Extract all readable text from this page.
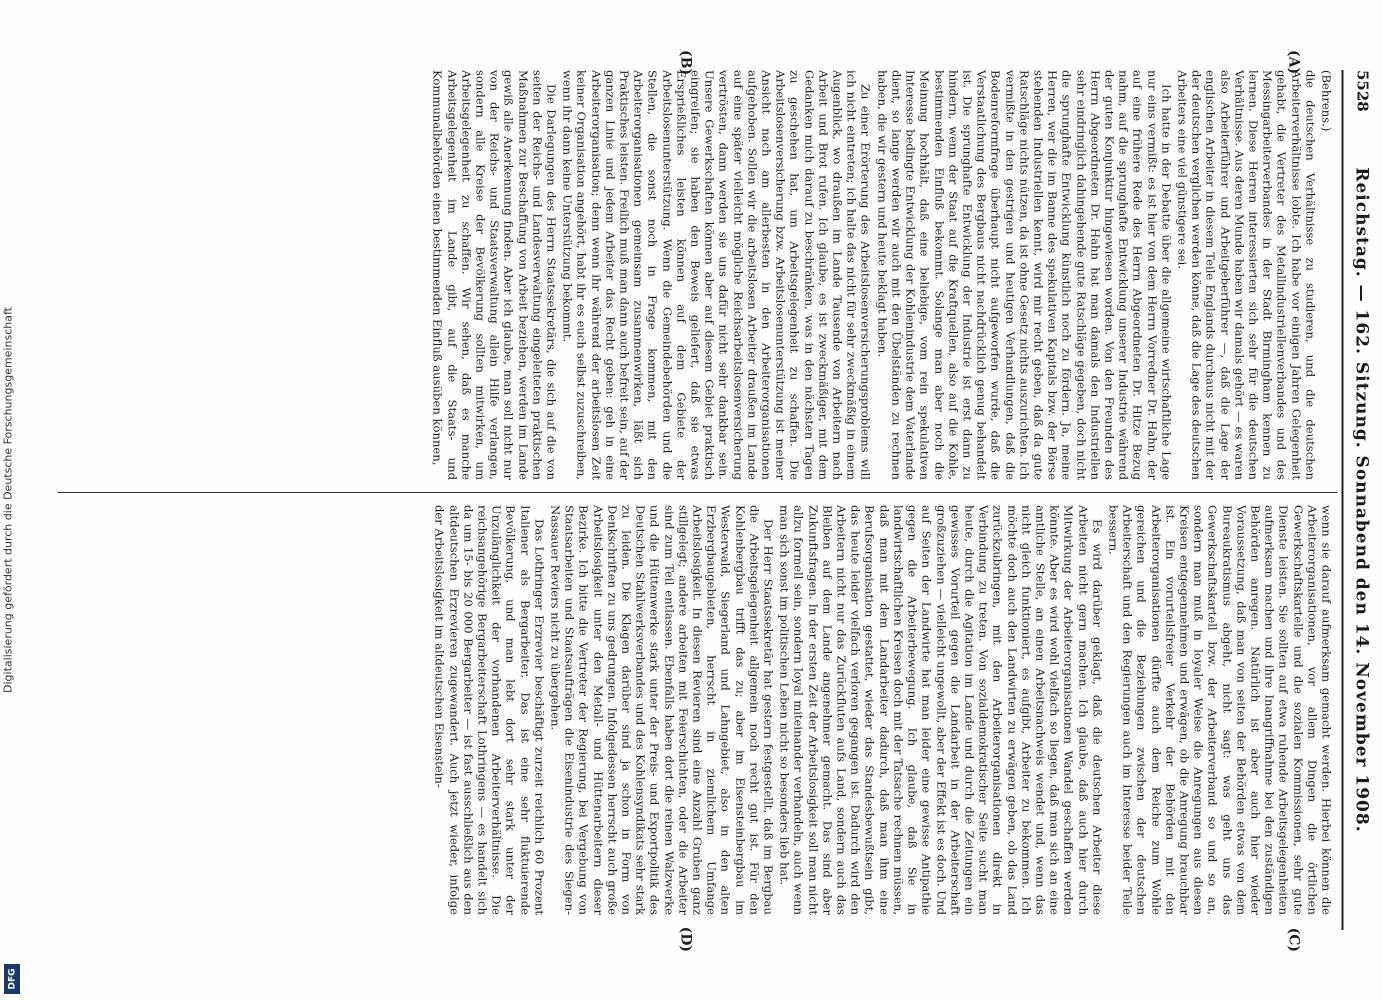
5528
Reichstag. — 162. Sitzung. Sonnabend den 14. November 1908.
(A)
(B)
(C)
(D)

(Behrens.)

die deutschen Verhältnisse zu studieren, und die deutschen Arbeiterverhältnisse lobte. Ich habe vor einigen Jahren Gelegenheit gehabt, die Vertreter des Metallindustriellenverbandes und des Messingarbeiterverbandes in der Stadt Birmingham kennen zu lernen. Diese Herren interessierten sich sehr für die deutschen Verhältnisse. Aus deren Munde haben wir damals gehört — es waren also Arbeiterführer und Arbeitgeberführer —, daß die Lage der englischen Arbeiter in diesem Teile Englands durchaus nicht mit der der deutschen verglichen werden könne, daß die Lage des deutschen Arbeiters eine viel günstigere sei.

Ich hatte in der Debatte über die allgemeine wirtschaftliche Lage nur eins vermißt: es ist hier von dem Herrn Vorredner Dr. Hahn, der auf eine frühere Rede des Herrn Abgeordneten Dr. Hitze Bezug nahm, auf die sprunghafte Entwicklung unserer Industrie während der guten Konjunktur hingewiesen worden. Von den Freunden des Herrn Abgeordneten Dr. Hahn hat man damals den Industriellen sehr eindringlich dahingehende gute Ratschläge gegeben, doch nicht die sprunghafte Entwicklung künstlich noch zu fördern. Ja, meine Herren, wer die im Banne des spekulativen Kapitals bzw. der Börse stehenden Industriellen kennt, wird mir recht geben, daß da gute Ratschläge nichts nützen, da ist ohne Gesetz nichts auszurichten. Ich vermißte in den gestrigen und heutigen Verhandlungen, daß die Bodenreformfrage überhaupt nicht aufgeworfen wurde, daß die Verstaatlichung des Bergbaus nicht nachdrücklich genug behandelt ist. Die sprunghafte Entwicklung der Industrie ist erst dann zu hindern, wenn der Staat auf die Kraftquellen, also auf die Kohle, bestimmenden Einfluß bekommt. Solange man aber noch die Meinung hochhält, daß eine beliebige, vom rein spekulativen Interesse bedingte Entwicklung der Kohlenindustrie dem Vaterlande dient, so lange werden wir auch mit den Übelständen zu rechnen haben, die wir gestern und heute beklagt haben.

Zu einer Erörterung des Arbeitslosenversicherungsproblems will ich nicht eintreten; ich halte das nicht für sehr zweckmäßig in einem Augenblick, wo draußen im Lande Tausende von Arbeitern nach Arbeit und Brot rufen. Ich glaube, es ist zweckmäßiger, mit dem Gedanken mich darauf zu beschränken, was in den nächsten Tagen zu geschehen hat, um Arbeitsgelegenheit zu schaffen. Die Arbeitslosenversicherung bzw. Arbeitslosenunterstützung ist meiner Ansicht nach am allerbesten in den Arbeiterorganisationen aufgehoben. Sollen wir die arbeitslosen Arbeiter draußen im Lande auf eine später vielleicht mögliche Reichsarbeitslosenversicherung vertrösten, dann werden sie uns dafür nicht sehr dankbar sein. Unsere Gewerkschaften können aber auf diesem Gebiet praktisch eingreifen; sie haben den Beweis geliefert, daß sie etwas Ersprießliches leisten können auf dem Gebiete der Arbeitslosenunterstützung. Wenn die Gemeindebehörden und die Stellen, die sonst noch in Frage kommen, mit den Arbeiterorganisationen gemeinsam zusammenwirken, läßt sich Praktisches leisten. Freilich muß man dann auch befreit sein, auf der ganzen Linie und jedem Arbeiter das Recht geben: geh in eine Arbeiterorganisation; denn wenn ihr während der arbeitslosen Zeit keiner Organisation angehört, habt ihr es euch selbst zuzuschreiben, wenn ihr dann keine Unterstützung bekommt.

Die Darlegungen des Herrn Staatssekretärs, die sich auf die von seiten der Reichs- und Landesverwaltung eingeleiteten praktischen Maßnahmen zur Beschaffung von Arbeit beziehen, werden im Lande gewiß alle Anerkennung finden. Aber ich glaube, man soll nicht nur von der Reichs- und Staatsverwaltung allein Hilfe verlangen, sondern alle Kreise der Bevölkerung sollten mitwirken, um Arbeitsgelegenheit zu schaffen. Wir sehen, daß es manche Arbeitsgelegenheit im Lande gibt, auf die Staats- und Kommunalbehörden einen bestimmenden Einfluß ausüben können,

wenn sie darauf aufmerksam gemacht werden. Hierbei können die Arbeiterorganisationen, vor allem Dingen die örtlichen Gewerkschaftskartelle und die sozialen Kommissionen, sehr gute Dienste leisten. Sie sollten auf etwa ruhende Arbeitsgelegenheiten aufmerksam machen und ihre Inangriffnahme bei den zuständigen Behörden anregen. Natürlich ist aber auch hier wieder Voraussetzung, daß man von seiten der Behörden etwas von dem Bureaukratismus abgeht, nicht sagt: was geht uns das Gewerkschaftskartell bzw. der Arbeiterverband so und so an, sondern man muß in loyaler Weise die Anregungen aus diesen Kreisen entgegennehmen und erwägen, ob die Anregung brauchbar ist. Ein vorurteilsfreier Verkehr der Behörden mit den Arbeiterorganisationen dürfte auch dem Reiche zum Wohle gereichen und die Beziehungen zwischen der deutschen Arbeiterschaft und den Regierungen auch im Interesse beider Teile bessern.

Es wird darüber geklagt, daß die deutschen Arbeiter diese Arbeiten nicht gern machen. Ich glaube, daß auch hier durch Mitwirkung der Arbeiterorganisationen Wandel geschaffen werden könnte. Aber es wird wohl vielfach so liegen, daß man sich an eine amtliche Stelle, an einen Arbeitsnachweis wendet und, wenn das nicht gleich funktioniert, es aufgibt, Arbeiter zu bekommen. Ich möchte doch auch den Landwirten zu erwägen geben, ob das Land zurückzubringen, mit den Arbeiterorganisationen direkt in Verbindung zu treten. Von sozialdemokratischer Seite sucht man heute, durch die Agitation im Lande und durch die Zeitungen ein gewisses Vorurteil gegen die Landarbeit in der Arbeiterschaft großzuziehen — vielleicht ungewollt, aber der Effekt ist es doch. Und auf Seiten der Landwirte hat man leider eine gewisse Antipathie gegen die Arbeiterbewegung. Ich glaube, daß Sie in landwirtschaftlichen Kreisen doch mit der Tatsache rechnen müssen, daß man mit dem Landarbeiter dadurch, daß man ihm eine Berufsorganisation gestattet, wieder das Standesbewußtsein gibt, das heute leider vielfach verloren gegangen ist. Dadurch wird den Arbeitern nicht nur das Zurückfluten aufs Land, sondern auch das Bleiben auf dem Lande angenehmer gemacht. Das sind aber Zukunftsfragen. In der ersten Zeit der Arbeitslosigkeit soll man nicht allzu formell sein, sondern loyal miteinander verhandeln, auch wenn man sich sonst im politischen Leben nicht so besonders lieb hat.

Der Herr Staatssekretär hat gestern festgestellt, daß im Bergbau die Arbeitsgelegenheit allgemein noch recht gut ist. Für den Kohlenbergbau trifft das zu; aber im Eisensteinbergbau im Westerwald, Siegerland und Lahngebiet, also in den alten Erzbergbaugebieten, herrscht in ziemlichem Umfange Arbeitslosigkeit. In diesen Revieren sind eine Anzahl Gruben ganz stillgelegt; andere arbeiten mit Feierschichten, oder die Arbeiter sind zum Teil entlassen. Ebenfalls haben dort die reinen Walzwerke und die Hüttenwerke stark unter der Preis- und Exportpolitik des Deutschen Stahlwerksverbandes und des Kohlensyndikats sehr stark zu leiden. Die Klagen darüber sind ja schon in Form von Denkschriften zu uns gedrungen. Infolgedessen herrscht auch große Arbeitslosigkeit unter den Metall- und Hüttenarbeitern dieser Bezirke. Ich bitte die Vertreter der Regierung, bei Vergebung von Staatsarbeiten und Staatsaufträgen die Eisenindustrie des Siegen-Nassauer Reviers nicht zu übergehen.

Das Lothringer Erzrevier beschäftigt zurzeit reichlich 60 Prozent Italiener als Bergarbeiter. Das ist eine sehr fluktuierende Bevölkerung, und man lebt dort sehr stark unter der Unzulänglichkeit der vorhandenen Arbeiterverhältnisse. Die reichsangehörige Bergarbeiterschaft Lothringens — es handelt sich da um 15- bis 20 000 Bergarbeiter — ist fast ausschließlich aus den altdeutschen Erzrevieren zugewandert. Auch jetzt wieder, infolge der Arbeitslosigkeit im altdeutschen Eisenstein-

Digitalisierung gefördert durch die Deutsche Forschungsgemeinschaft
DFG
